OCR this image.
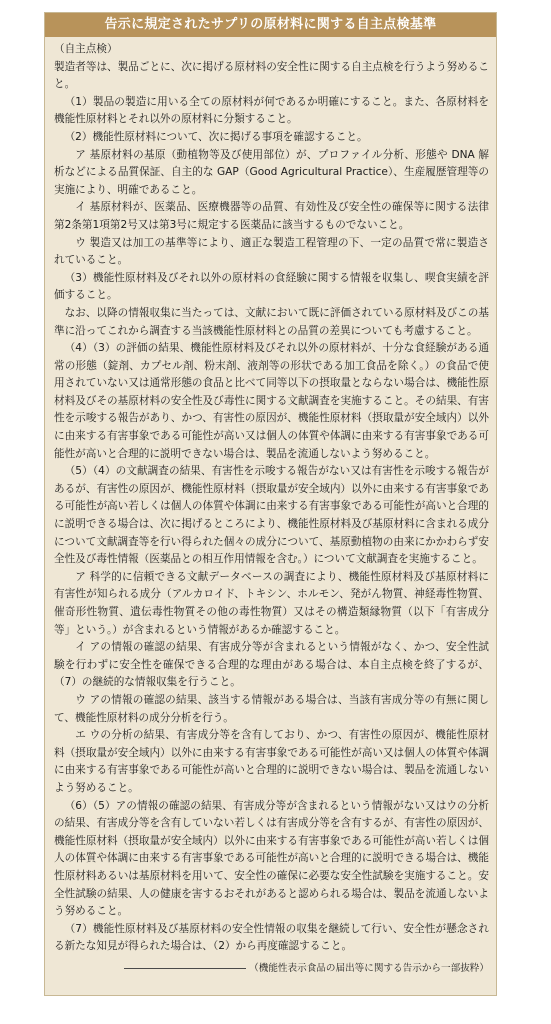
告示に規定されたサプリの原材料に関する自主点検基準

（自主点検）

製造者等は、製品ごとに、次に掲げる原材料の安全性に関する自主点検を行うよう努めること。

（1）製品の製造に用いる全ての原材料が何であるか明確にすること。また、各原材料を機能性原材料とそれ以外の原材料に分類すること。

（2）機能性原材料について、次に掲げる事項を確認すること。

ア 基原材料の基原（動植物等及び使用部位）が、プロファイル分析、形態や DNA 解析などによる品質保証、自主的な GAP（Good Agricultural Practice）、生産履歴管理等の実施により、明確であること。

イ 基原材料が、医薬品、医療機器等の品質、有効性及び安全性の確保等に関する法律第2条第1項第2号又は第3号に規定する医薬品に該当するものでないこと。

ウ 製造又は加工の基準等により、適正な製造工程管理の下、一定の品質で常に製造されていること。

（3）機能性原材料及びそれ以外の原材料の食経験に関する情報を収集し、喫食実績を評価すること。

なお、以降の情報収集に当たっては、文献において既に評価されている原材料及びこの基準に沿ってこれから調査する当該機能性原材料との品質の差異についても考慮すること。

（4）（3）の評価の結果、機能性原材料及びそれ以外の原材料が、十分な食経験がある通常の形態（錠剤、カプセル剤、粉末剤、液剤等の形状である加工食品を除く。）の食品で使用されていない又は通常形態の食品と比べて同等以下の摂取量とならない場合は、機能性原材料及びその基原材料の安全性及び毒性に関する文献調査を実施すること。その結果、有害性を示唆する報告があり、かつ、有害性の原因が、機能性原材料（摂取量が安全域内）以外に由来する有害事象である可能性が高い又は個人の体質や体調に由来する有害事象である可能性が高いと合理的に説明できない場合は、製品を流通しないよう努めること。

（5）（4）の文献調査の結果、有害性を示唆する報告がない又は有害性を示唆する報告があるが、有害性の原因が、機能性原材料（摂取量が安全域内）以外に由来する有害事象である可能性が高い若しくは個人の体質や体調に由来する有害事象である可能性が高いと合理的に説明できる場合は、次に掲げるところにより、機能性原材料及び基原材料に含まれる成分について文献調査等を行い得られた個々の成分について、基原動植物の由来にかかわらず安全性及び毒性情報（医薬品との相互作用情報を含む。）について文献調査を実施すること。

ア 科学的に信頼できる文献データベースの調査により、機能性原材料及び基原材料に有害性が知られる成分（アルカロイド、トキシン、ホルモン、発がん物質、神経毒性物質、催奇形性物質、遺伝毒性物質その他の毒性物質）又はその構造類縁物質（以下「有害成分等」という。）が含まれるという情報があるか確認すること。

イ アの情報の確認の結果、有害成分等が含まれるという情報がなく、かつ、安全性試験を行わずに安全性を確保できる合理的な理由がある場合は、本自主点検を終了するが、（7）の継続的な情報収集を行うこと。

ウ アの情報の確認の結果、該当する情報がある場合は、当該有害成分等の有無に関して、機能性原材料の成分分析を行う。

エ ウの分析の結果、有害成分等を含有しており、かつ、有害性の原因が、機能性原材料（摂取量が安全域内）以外に由来する有害事象である可能性が高い又は個人の体質や体調に由来する有害事象である可能性が高いと合理的に説明できない場合は、製品を流通しないよう努めること。

（6）（5）アの情報の確認の結果、有害成分等が含まれるという情報がない又はウの分析の結果、有害成分等を含有していない若しくは有害成分等を含有するが、有害性の原因が、機能性原材料（摂取量が安全域内）以外に由来する有害事象である可能性が高い若しくは個人の体質や体調に由来する有害事象である可能性が高いと合理的に説明できる場合は、機能性原材料あるいは基原材料を用いて、安全性の確保に必要な安全性試験を実施すること。安全性試験の結果、人の健康を害するおそれがあると認められる場合は、製品を流通しないよう努めること。

（7）機能性原材料及び基原材料の安全性情報の収集を継続して行い、安全性が懸念される新たな知見が得られた場合は、（2）から再度確認すること。

（機能性表示食品の届出等に関する告示から一部抜粋）
